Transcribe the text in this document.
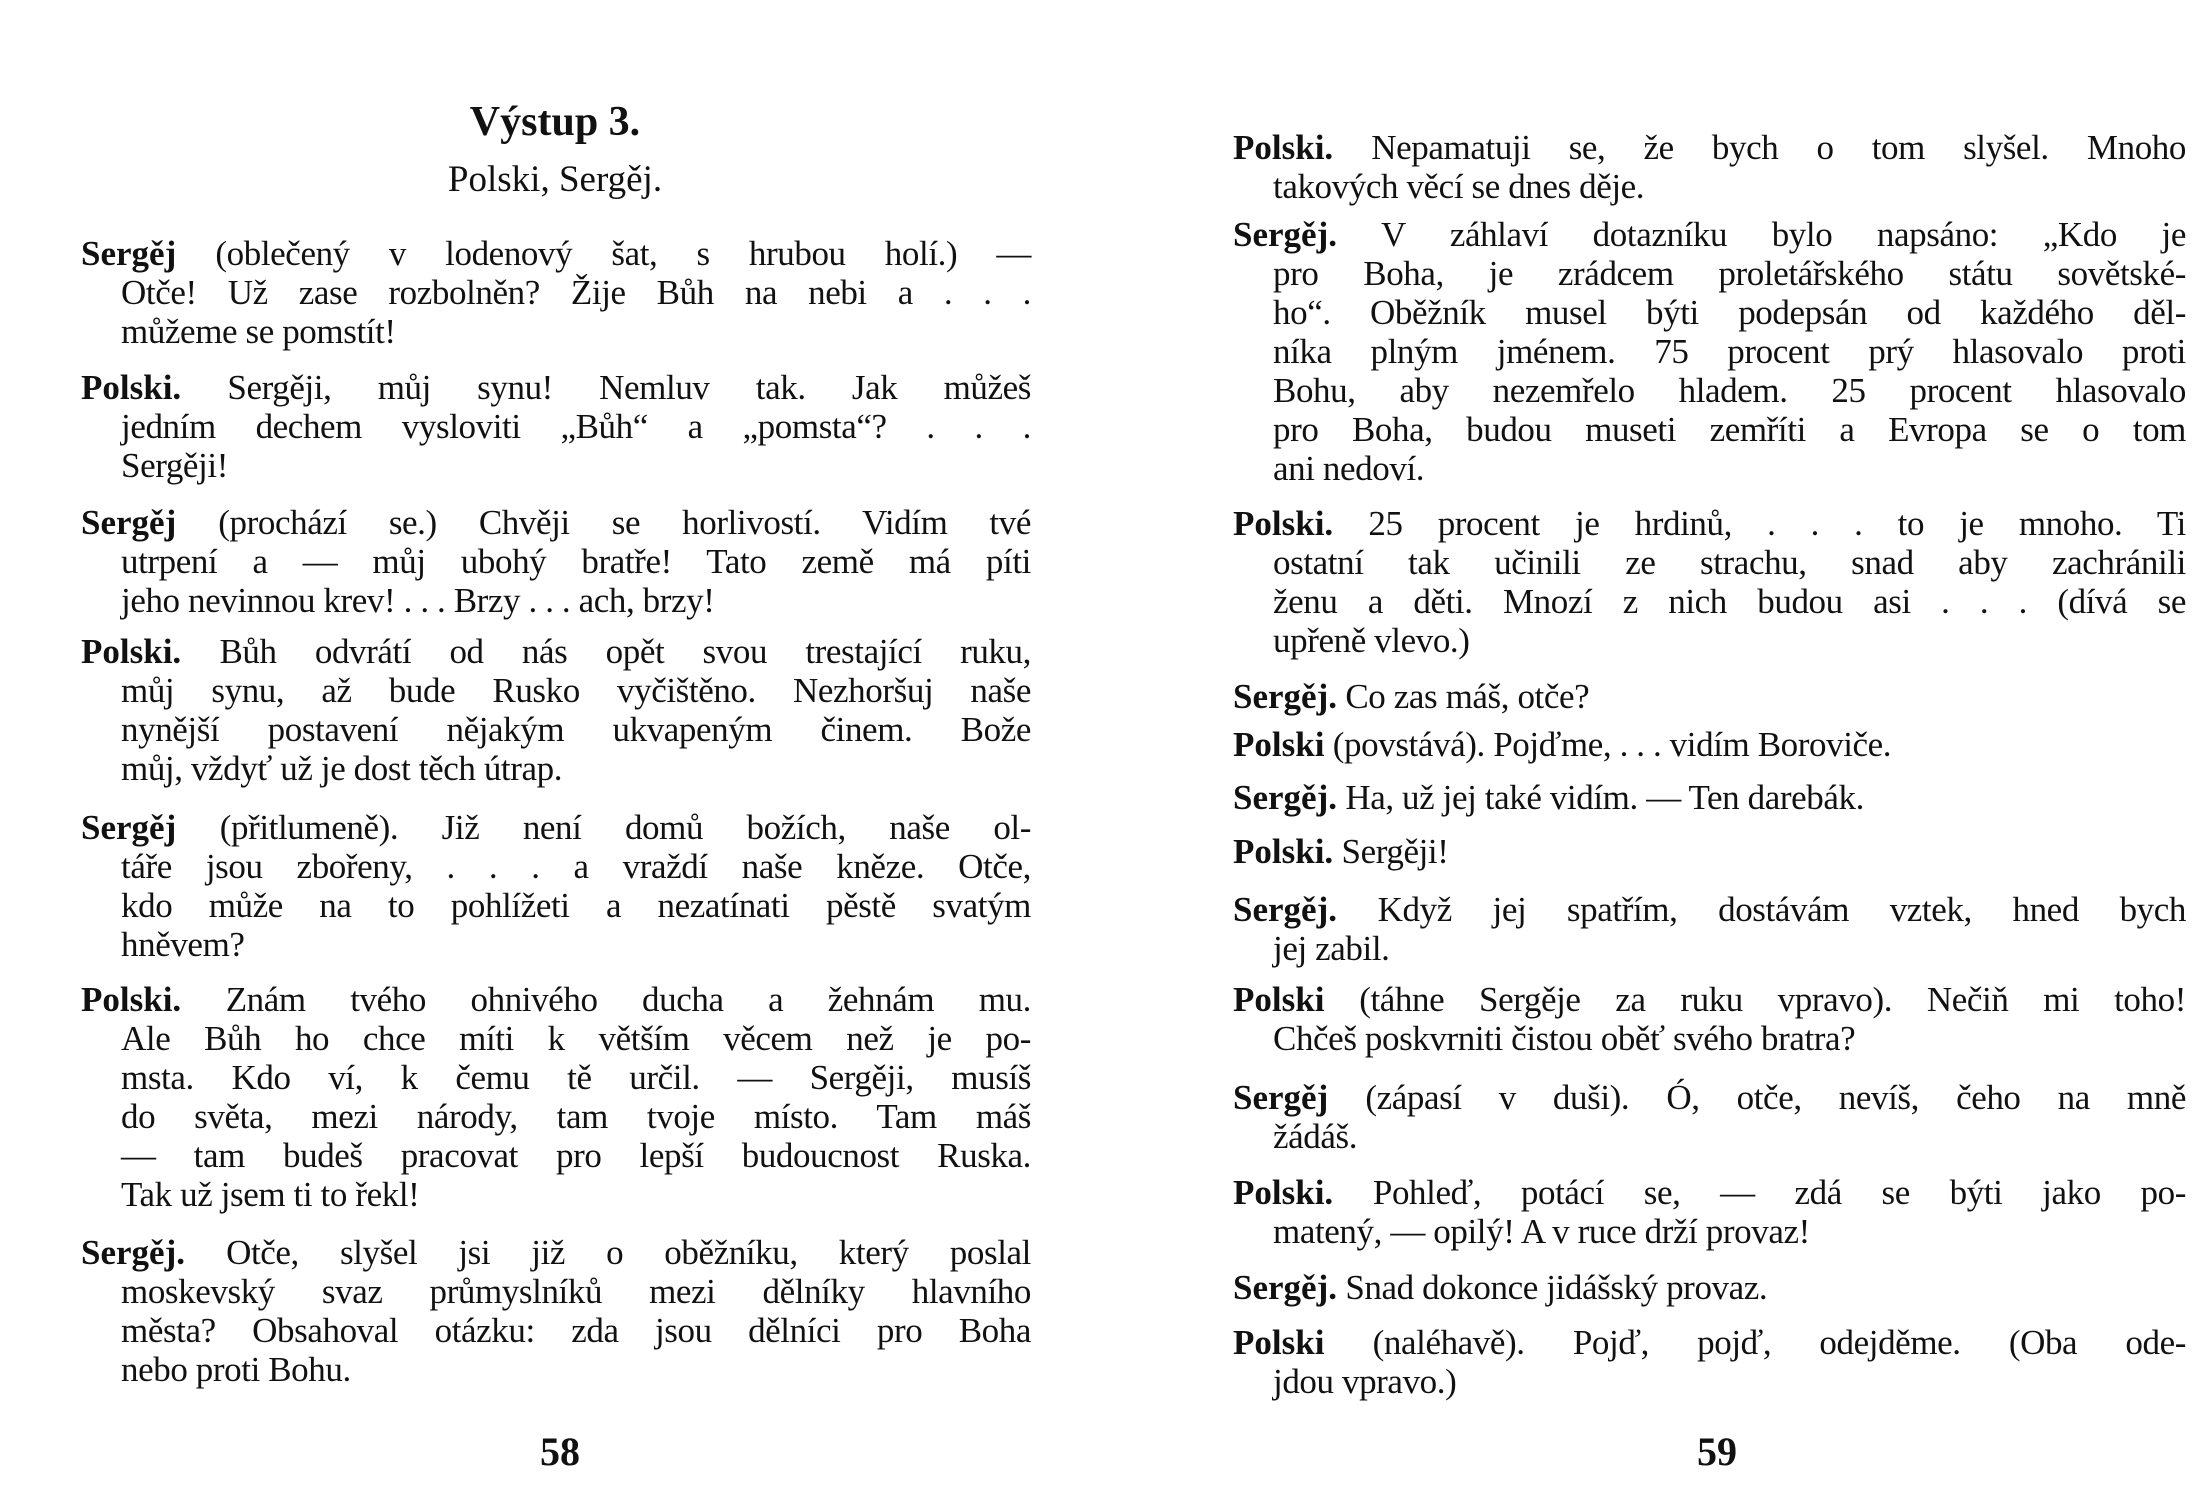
Výstup 3.
Polski, Sergěj.
58
Sergěj (oblečený v lodenový šat, s hrubou holí.) —
Otče! Už zase rozbolněn? Žije Bůh na nebi a . . .
můžeme se pomstít!
Polski. Sergěji, můj synu! Nemluv tak. Jak můžeš
jedním dechem vysloviti „Bůh“ a „pomsta“? . . .
Sergěji!
Sergěj (prochází se.) Chvěji se horlivostí. Vidím tvé
utrpení a — můj ubohý bratře! Tato země má píti
jeho nevinnou krev! . . . Brzy . . . ach, brzy!
Polski. Bůh odvrátí od nás opět svou trestající ruku,
můj synu, až bude Rusko vyčištěno. Nezhoršuj naše
nynější postavení nějakým ukvapeným činem. Bože
můj, vždyť už je dost těch útrap.
Sergěj (přitlumeně). Již není domů božích, naše ol-
táře jsou zbořeny, . . . a vraždí naše kněze. Otče,
kdo může na to pohlížeti a nezatínati pěstě svatým
hněvem?
Polski. Znám tvého ohnivého ducha a žehnám mu.
Ale Bůh ho chce míti k větším věcem než je po-
msta. Kdo ví, k čemu tě určil. — Sergěji, musíš
do světa, mezi národy, tam tvoje místo. Tam máš
— tam budeš pracovat pro lepší budoucnost Ruska.
Tak už jsem ti to řekl!
Sergěj. Otče, slyšel jsi již o oběžníku, který poslal
moskevský svaz průmyslníků mezi dělníky hlavního
města? Obsahoval otázku: zda jsou dělníci pro Boha
nebo proti Bohu.
59
Polski. Nepamatuji se, že bych o tom slyšel. Mnoho
takových věcí se dnes děje.
Sergěj. V záhlaví dotazníku bylo napsáno: „Kdo je
pro Boha, je zrádcem proletářského státu sovětské-
ho“. Oběžník musel býti podepsán od každého děl-
níka plným jménem. 75 procent prý hlasovalo proti
Bohu, aby nezemřelo hladem. 25 procent hlasovalo
pro Boha, budou museti zemříti a Evropa se o tom
ani nedoví.
Polski. 25 procent je hrdinů, . . . to je mnoho. Ti
ostatní tak učinili ze strachu, snad aby zachránili
ženu a děti. Mnozí z nich budou asi . . . (dívá se
upřeně vlevo.)
Sergěj. Co zas máš, otče?
Polski (povstává). Pojďme, . . . vidím Boroviče.
Sergěj. Ha, už jej také vidím. — Ten darebák.
Polski. Sergěji!
Sergěj. Když jej spatřím, dostávám vztek, hned bych
jej zabil.
Polski (táhne Sergěje za ruku vpravo). Nečiň mi toho!
Chčeš poskvrniti čistou oběť svého bratra?
Sergěj (zápasí v duši). Ó, otče, nevíš, čeho na mně
žádáš.
Polski. Pohleď, potácí se, — zdá se býti jako po-
matený, — opilý! A v ruce drží provaz!
Sergěj. Snad dokonce jidášský provaz.
Polski (naléhavě). Pojď, pojď, odejděme. (Oba ode-
jdou vpravo.)
